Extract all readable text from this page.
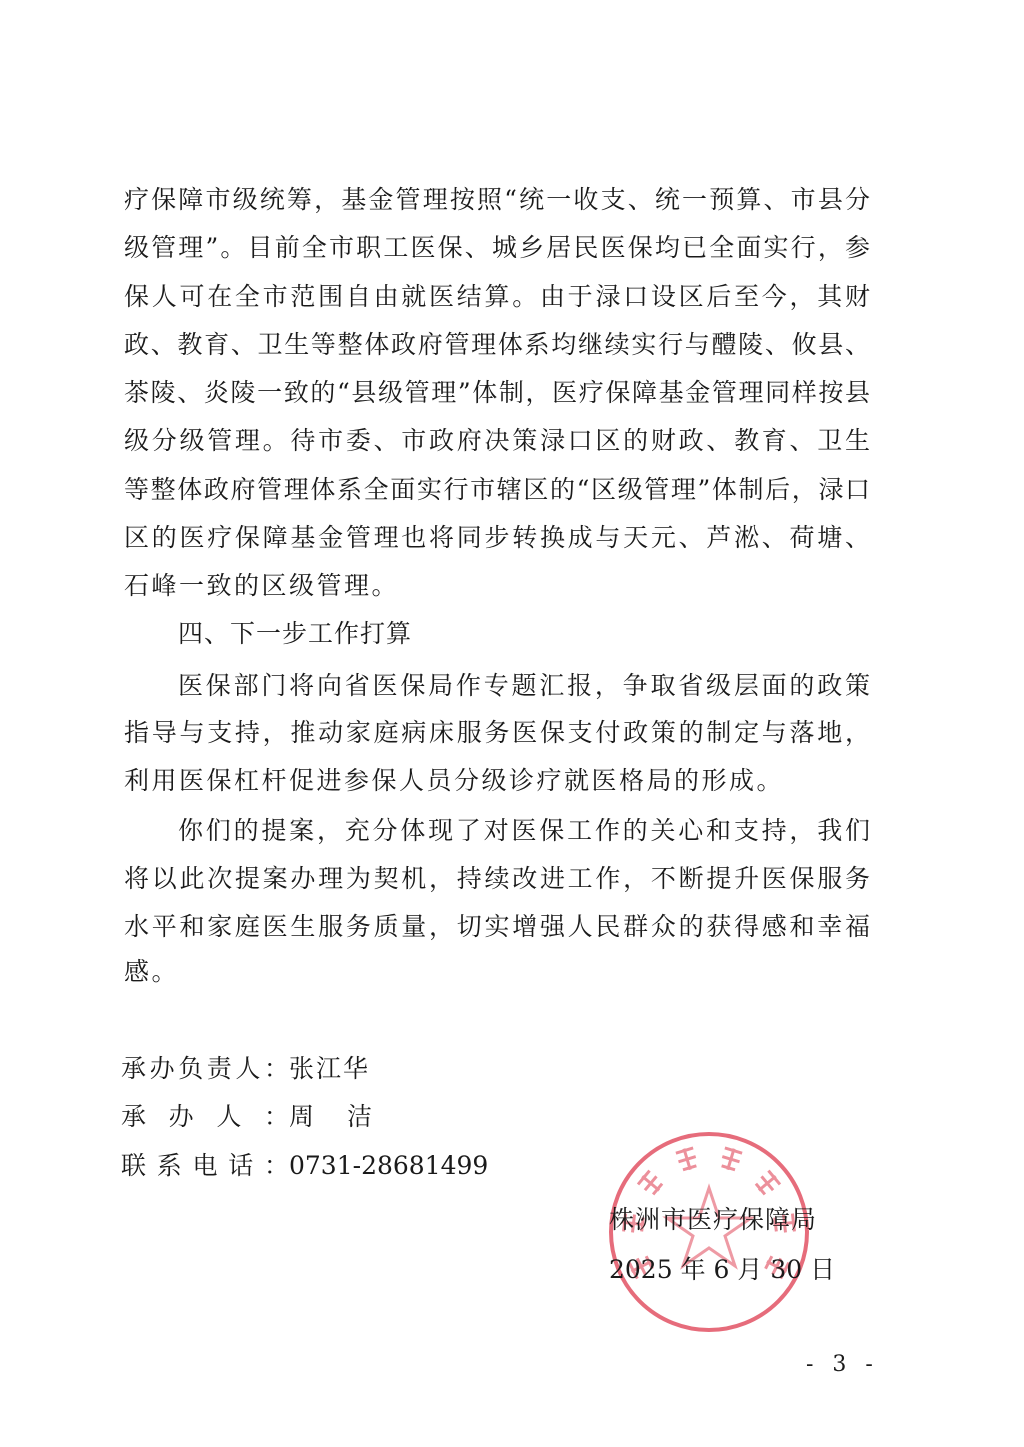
疗保障市级统筹，基金管理按照“统一收支、统一预算、市县分
级管理”。目前全市职工医保、城乡居民医保均已全面实行，参
保人可在全市范围自由就医结算。由于渌口设区后至今，其财
政、教育、卫生等整体政府管理体系均继续实行与醴陵、攸县、
茶陵、炎陵一致的“县级管理”体制，医疗保障基金管理同样按县
级分级管理。待市委、市政府决策渌口区的财政、教育、卫生
等整体政府管理体系全面实行市辖区的“区级管理”体制后，渌口
区的医疗保障基金管理也将同步转换成与天元、芦淞、荷塘、
石峰一致的区级管理。
四、下一步工作打算
医保部门将向省医保局作专题汇报，争取省级层面的政策
指导与支持，推动家庭病床服务医保支付政策的制定与落地，
利用医保杠杆促进参保人员分级诊疗就医格局的形成。
你们的提案，充分体现了对医保工作的关心和支持，我们
将以此次提案办理为契机，持续改进工作，不断提升医保服务
水平和家庭医生服务质量，切实增强人民群众的获得感和幸福
感。
承办负责人：张江华
承办人：周　洁
联系电话：0731-28681499
株洲市医疗保障局
2025 年 6 月 30 日
- 3 -
